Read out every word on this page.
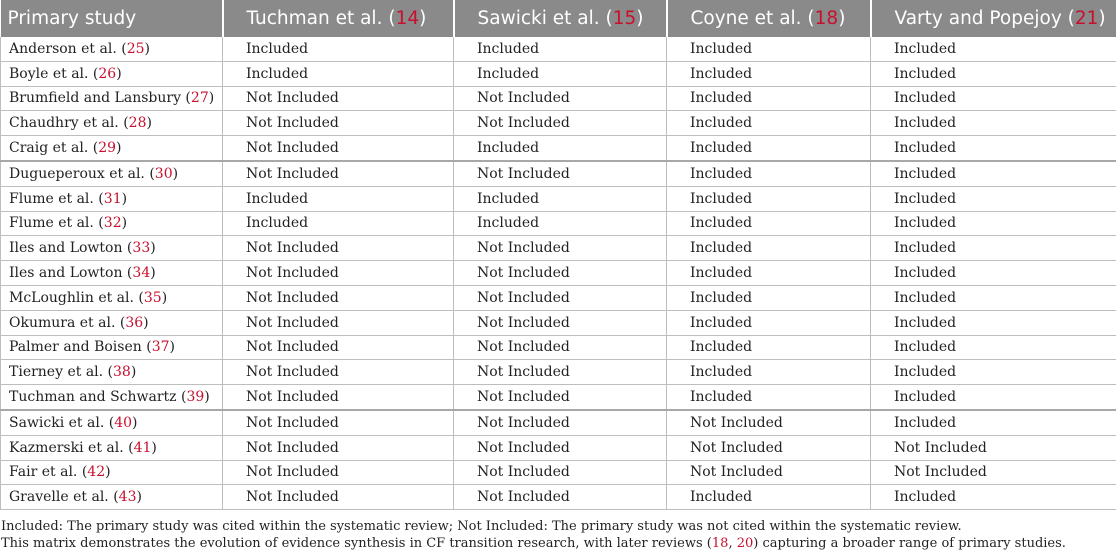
Primary study	Tuchman et al. (14)	Sawicki et al. (15)	Coyne et al. (18)	Varty and Popejoy (21)
Anderson et al. (25)	Included	Included	Included	Included
Boyle et al. (26)	Included	Included	Included	Included
Brumfield and Lansbury (27)	Not Included	Not Included	Included	Included
Chaudhry et al. (28)	Not Included	Not Included	Included	Included
Craig et al. (29)	Not Included	Included	Included	Included
Dugueperoux et al. (30)	Not Included	Not Included	Included	Included
Flume et al. (31)	Included	Included	Included	Included
Flume et al. (32)	Included	Included	Included	Included
Iles and Lowton (33)	Not Included	Not Included	Included	Included
Iles and Lowton (34)	Not Included	Not Included	Included	Included
McLoughlin et al. (35)	Not Included	Not Included	Included	Included
Okumura et al. (36)	Not Included	Not Included	Included	Included
Palmer and Boisen (37)	Not Included	Not Included	Included	Included
Tierney et al. (38)	Not Included	Not Included	Included	Included
Tuchman and Schwartz (39)	Not Included	Not Included	Included	Included
Sawicki et al. (40)	Not Included	Not Included	Not Included	Included
Kazmerski et al. (41)	Not Included	Not Included	Not Included	Not Included
Fair et al. (42)	Not Included	Not Included	Not Included	Not Included
Gravelle et al. (43)	Not Included	Not Included	Included	Included
Included: The primary study was cited within the systematic review; Not Included: The primary study was not cited within the systematic review.
This matrix demonstrates the evolution of evidence synthesis in CF transition research, with later reviews (18, 20) capturing a broader range of primary studies.
